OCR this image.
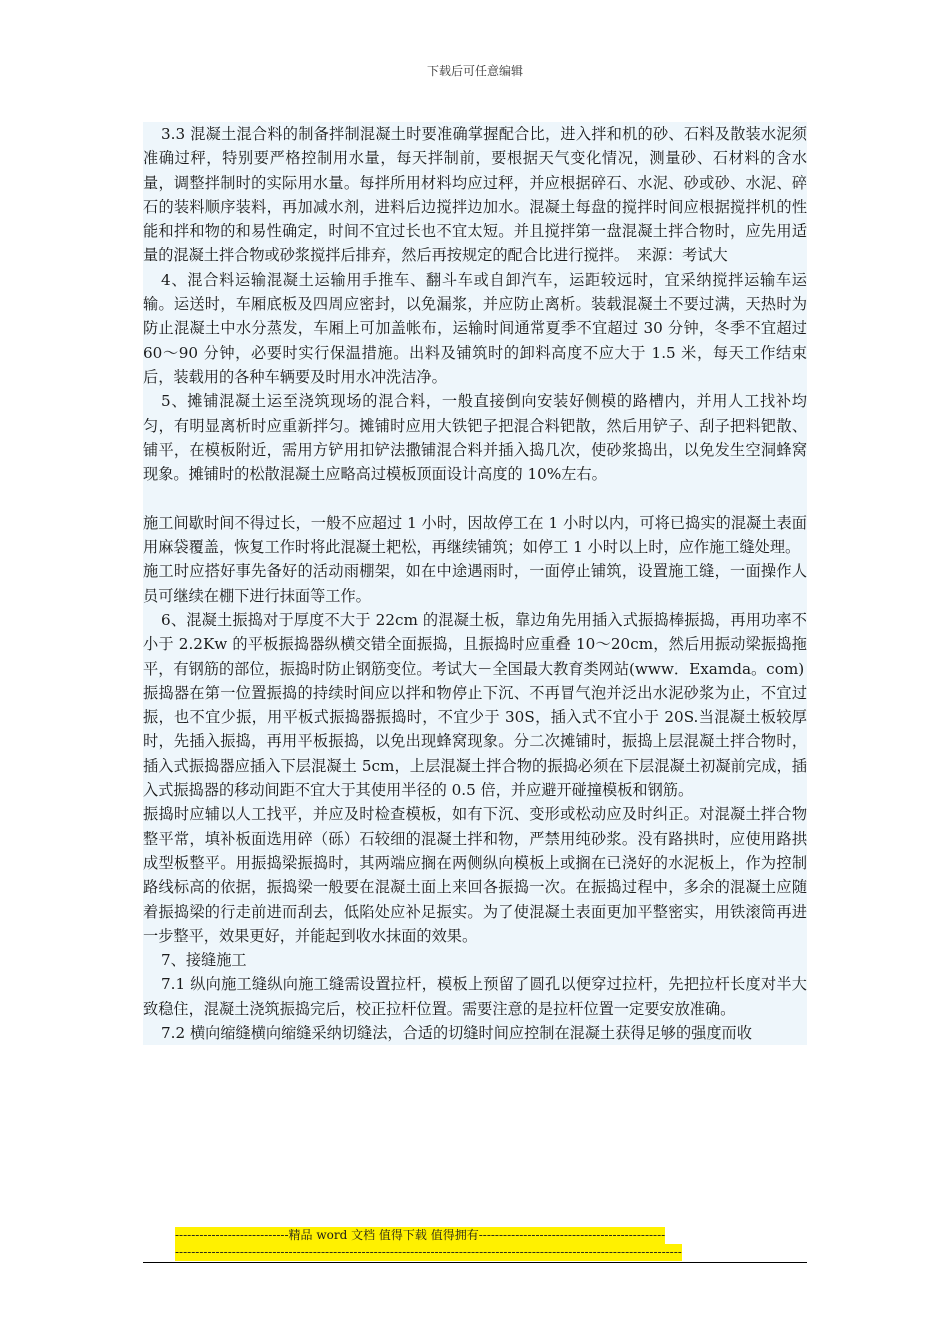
下载后可任意编辑

3.3 混凝土混合料的制备拌制混凝土时要准确掌握配合比，进入拌和机的砂、石料及散装水泥须准确过秤，特别要严格控制用水量，每天拌制前，要根据天气变化情况，测量砂、石材料的含水量，调整拌制时的实际用水量。每拌所用材料均应过秤，并应根据碎石、水泥、砂或砂、水泥、碎石的装料顺序装料，再加减水剂，进料后边搅拌边加水。混凝土每盘的搅拌时间应根据搅拌机的性能和拌和物的和易性确定，时间不宜过长也不宜太短。并且搅拌第一盘混凝土拌合物时，应先用适量的混凝土拌合物或砂浆搅拌后排弃，然后再按规定的配合比进行搅拌。　来源：考试大

4、混合料运输混凝土运输用手推车、翻斗车或自卸汽车，运距较远时，宜采纳搅拌运输车运输。运送时，车厢底板及四周应密封，以免漏浆，并应防止离析。装载混凝土不要过满，天热时为防止混凝土中水分蒸发，车厢上可加盖帐布，运输时间通常夏季不宜超过 30 分钟，冬季不宜超过 60～90 分钟，必要时实行保温措施。出料及铺筑时的卸料高度不应大于 1.5 米，每天工作结束后，装载用的各种车辆要及时用水冲洗洁净。

5、摊铺混凝土运至浇筑现场的混合料，一般直接倒向安装好侧模的路槽内，并用人工找补均匀，有明显离析时应重新拌匀。摊铺时应用大铁钯子把混合料钯散，然后用铲子、刮子把料钯散、铺平，在模板附近，需用方铲用扣铲法撒铺混合料并插入捣几次，使砂浆捣出，以免发生空洞蜂窝现象。摊铺时的松散混凝土应略高过模板顶面设计高度的 10%左右。

施工间歇时间不得过长，一般不应超过 1 小时，因故停工在 1 小时以内，可将已捣实的混凝土表面用麻袋覆盖，恢复工作时将此混凝土耙松，再继续铺筑；如停工 1 小时以上时，应作施工缝处理。

施工时应搭好事先备好的活动雨棚架，如在中途遇雨时，一面停止铺筑，设置施工缝，一面操作人员可继续在棚下进行抹面等工作。

6、混凝土振捣对于厚度不大于 22cm 的混凝土板，靠边角先用插入式振捣棒振捣，再用功率不小于 2.2Kw 的平板振捣器纵横交错全面振捣，且振捣时应重叠 10～20cm，然后用振动梁振捣拖平，有钢筋的部位，振捣时防止钢筋变位。考试大－全国最大教育类网站(www．Examda。com)

振捣器在第一位置振捣的持续时间应以拌和物停止下沉、不再冒气泡并泛出水泥砂浆为止，不宜过振，也不宜少振，用平板式振捣器振捣时，不宜少于 30S，插入式不宜小于 20S.当混凝土板较厚时，先插入振捣，再用平板振捣，以免出现蜂窝现象。分二次摊铺时，振捣上层混凝土拌合物时，插入式振捣器应插入下层混凝土 5cm，上层混凝土拌合物的振捣必须在下层混凝土初凝前完成，插入式振捣器的移动间距不宜大于其使用半径的 0.5 倍，并应避开碰撞模板和钢筋。

振捣时应辅以人工找平，并应及时检查模板，如有下沉、变形或松动应及时纠正。对混凝土拌合物整平常，填补板面选用碎（砾）石较细的混凝土拌和物，严禁用纯砂浆。没有路拱时，应使用路拱成型板整平。用振捣梁振捣时，其两端应搁在两侧纵向模板上或搁在已浇好的水泥板上，作为控制路线标高的依据，振捣梁一般要在混凝土面上来回各振捣一次。在振捣过程中，多余的混凝土应随着振捣梁的行走前进而刮去，低陷处应补足振实。为了使混凝土表面更加平整密实，用铁滚筒再进一步整平，效果更好，并能起到收水抹面的效果。

7、接缝施工

7.1 纵向施工缝纵向施工缝需设置拉杆，模板上预留了圆孔以便穿过拉杆，先把拉杆长度对半大致稳住，混凝土浇筑振捣完后，校正拉杆位置。需要注意的是拉杆位置一定要安放准确。

7.2 横向缩缝横向缩缝采纳切缝法，合适的切缝时间应控制在混凝土获得足够的强度而收

----------------------------精品 word 文档 值得下载 值得拥有----------------------------------------------
-----------------------------------------------------------------------------------------------------------------------------
